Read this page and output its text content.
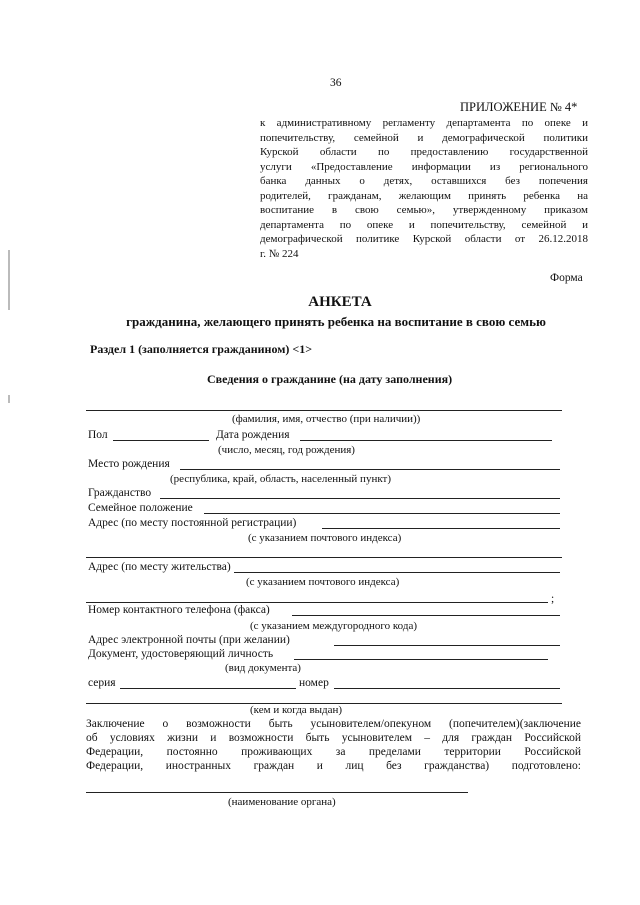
36
ПРИЛОЖЕНИЕ № 4*
к административному регламенту департамента по опеке и
попечительству, семейной и демографической политики
Курской области по предоставлению государственной
услуги «Предоставление информации из регионального
банка данных о детях, оставшихся без попечения
родителей, гражданам, желающим принять ребенка на
воспитание в свою семью», утвержденному приказом
департамента по опеке и попечительству, семейной и
демографической политике Курской области от 26.12.2018
г. № 224
Форма
АНКЕТА
гражданина, желающего принять ребенка на воспитание в свою семью
Раздел 1 (заполняется гражданином) <1>
Сведения о гражданине (на дату заполнения)
(фамилия, имя, отчество (при наличии))
Пол	Дата рождения
(число, месяц, год рождения)
Место рождения
(республика, край, область, населенный пункт)
Гражданство
Семейное положение
Адрес (по месту постоянной регистрации)
(с указанием почтового индекса)
Адрес (по месту жительства)
(с указанием почтового индекса)
;
Номер контактного телефона (факса)
(с указанием междугородного кода)
Адрес электронной почты (при желании)
Документ, удостоверяющий личность
(вид документа)
серия	номер
(кем и когда выдан)
Заключение о возможности быть усыновителем/опекуном (попечителем)(заключение
об условиях жизни и возможности быть усыновителем – для граждан Российской
Федерации, постоянно проживающих за пределами территории Российской
Федерации, иностранных граждан и лиц без гражданства) подготовлено:
(наименование органа)
